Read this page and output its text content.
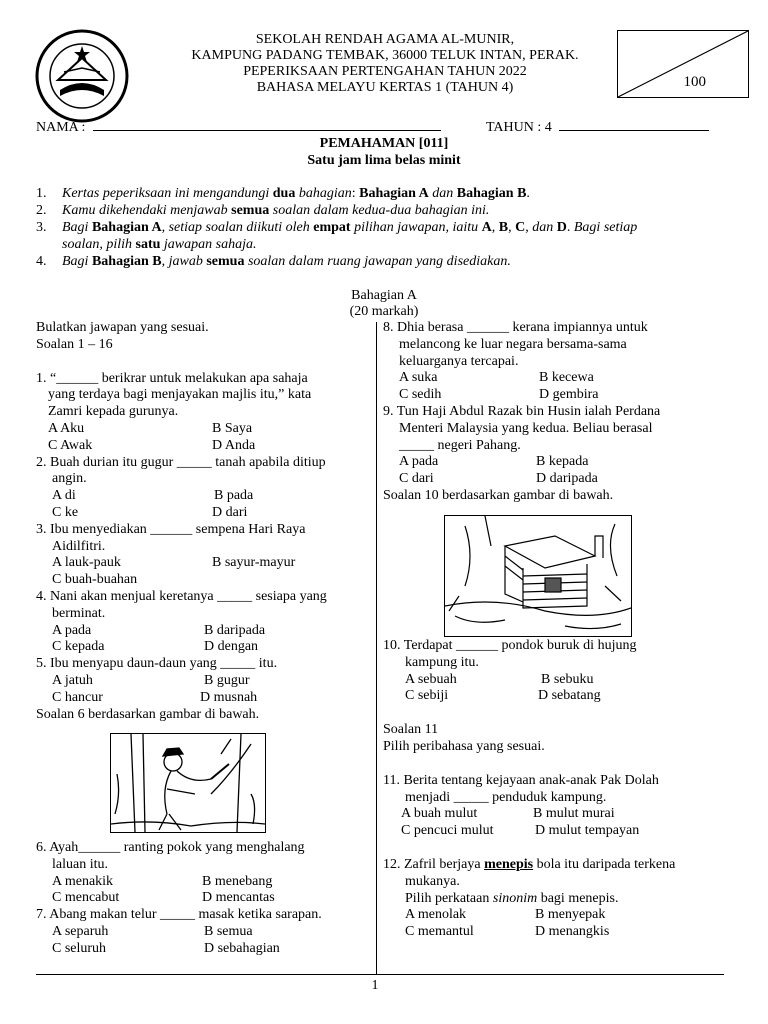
SEKOLAH RENDAH AGAMA AL-MUNIR,
KAMPUNG PADANG TEMBAK, 36000 TELUK INTAN, PERAK.
PEPERIKSAAN PERTENGAHAN TAHUN 2022
BAHASA MELAYU KERTAS 1 (TAHUN 4)	100
NAMA :	TAHUN : 4
PEMAHAMAN [011]
Satu jam lima belas minit
1.	Kertas peperiksaan ini mengandungi dua bahagian: Bahagian A dan Bahagian B.
2.	Kamu dikehendaki menjawab semua soalan dalam kedua-dua bahagian ini.
3.	Bagi Bahagian A, setiap soalan diikuti oleh empat pilihan jawapan, iaitu A, B, C, dan D. Bagi setiap
soalan, pilih satu jawapan sahaja.
4.	Bagi Bahagian B, jawab semua soalan dalam ruang jawapan yang disediakan.
Bahagian A
(20 markah)
Bulatkan jawapan yang sesuai.
Soalan 1 – 16
1. “______ berikrar untuk melakukan apa sahaja
yang terdaya bagi menjayakan majlis itu,” kata
Zamri kepada gurunya.
A Aku	B Saya
C Awak	D Anda
2. Buah durian itu gugur _____ tanah apabila ditiup
angin.
A di	B pada
C ke	D dari
3. Ibu menyediakan ______ sempena Hari Raya
Aidilfitri.
A lauk-pauk	B sayur-mayur
C buah-buahan
4. Nani akan menjual keretanya _____ sesiapa yang
berminat.
A pada	B daripada
C kepada	D dengan
5. Ibu menyapu daun-daun yang _____ itu.
A jatuh	B gugur
C hancur	D musnah
Soalan 6 berdasarkan gambar di bawah.
6. Ayah______ ranting pokok yang menghalang
laluan itu.
A menakik	B menebang
C mencabut	D mencantas
7. Abang makan telur _____ masak ketika sarapan.
A separuh	B semua
C seluruh	D sebahagian
8. Dhia berasa ______ kerana impiannya untuk
melancong ke luar negara bersama-sama
keluarganya tercapai.
A suka	B kecewa
C sedih	D gembira
9. Tun Haji Abdul Razak bin Husin ialah Perdana
Menteri Malaysia yang kedua. Beliau berasal
_____ negeri Pahang.
A pada	B kepada
C dari	D daripada
Soalan 10 berdasarkan gambar di bawah.
10. Terdapat ______ pondok buruk di hujung
kampung itu.
A sebuah	B sebuku
C sebiji	D sebatang
Soalan 11
Pilih peribahasa yang sesuai.
11. Berita tentang kejayaan anak-anak Pak Dolah
menjadi _____ penduduk kampung.
A buah mulut	B mulut murai
C pencuci mulut	D mulut tempayan
12. Zafril berjaya menepis bola itu daripada terkena
mukanya.
Pilih perkataan sinonim bagi menepis.
A menolak	B menyepak
C memantul	D menangkis
1
